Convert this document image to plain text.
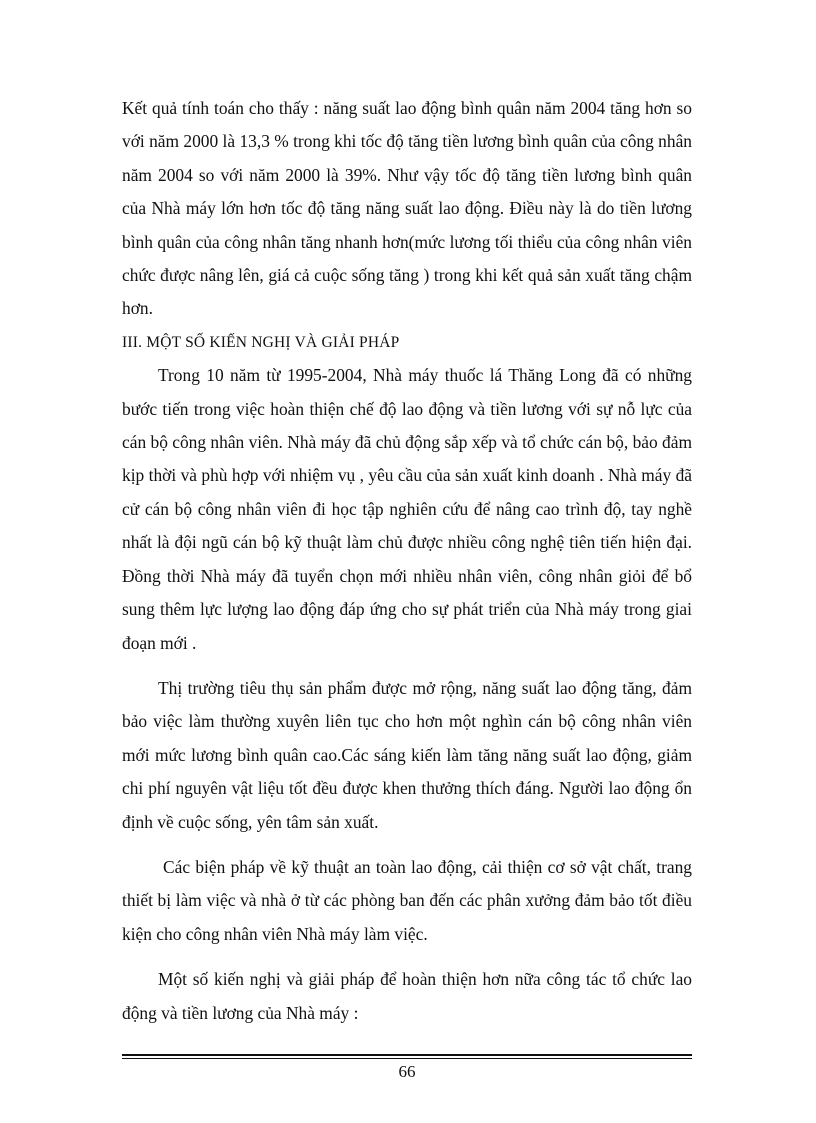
Kết quả tính toán cho thấy : năng suất lao động bình quân năm 2004 tăng hơn so với năm 2000 là 13,3 % trong khi tốc độ tăng tiền lương bình quân của công nhân năm 2004 so với năm 2000 là 39%. Như vậy tốc độ tăng tiền lương bình quân của Nhà máy lớn hơn tốc độ tăng năng suất lao động. Điều này là do tiền lương bình quân của công nhân tăng nhanh hơn(mức lương tối thiểu của công nhân viên chức được nâng lên, giá cả cuộc sống tăng ) trong khi kết quả sản xuất tăng chậm hơn.

III. MỘT SỐ KIẾN NGHỊ VÀ GIẢI PHÁP

Trong 10 năm từ 1995-2004, Nhà máy thuốc lá Thăng Long đã có những bước tiến trong việc hoàn thiện chế độ lao động và tiền lương với sự nỗ lực của cán bộ công nhân viên. Nhà máy đã chủ động sắp xếp và tổ chức cán bộ, bảo đảm kịp thời và phù hợp với nhiệm vụ , yêu cầu của sản xuất kinh doanh . Nhà máy đã cử cán bộ công nhân viên đi học tập nghiên cứu để nâng cao trình độ, tay nghề nhất là đội ngũ cán bộ kỹ thuật làm chủ được nhiều công nghệ tiên tiến hiện đại. Đồng thời Nhà máy đã tuyển chọn mới nhiều nhân viên, công nhân giỏi để bổ sung thêm lực lượng lao động đáp ứng cho sự phát triển của Nhà máy trong giai đoạn mới .

Thị trường tiêu thụ sản phẩm được mở rộng, năng suất lao động tăng, đảm bảo việc làm thường xuyên liên tục cho hơn một nghìn cán bộ công nhân viên mới mức lương bình quân cao.Các sáng kiến làm tăng năng suất lao động, giảm chi phí nguyên vật liệu tốt đều được khen thưởng thích đáng. Người lao động ổn định về cuộc sống, yên tâm sản xuất.

Các biện pháp về kỹ thuật an toàn lao động, cải thiện cơ sở vật chất, trang thiết bị làm việc và nhà ở từ các phòng ban đến các phân xưởng đảm bảo tốt điều kiện cho công nhân viên Nhà máy làm việc.

Một số kiến nghị và giải pháp để hoàn thiện hơn nữa công tác tổ chức lao động và tiền lương của Nhà máy :

66
